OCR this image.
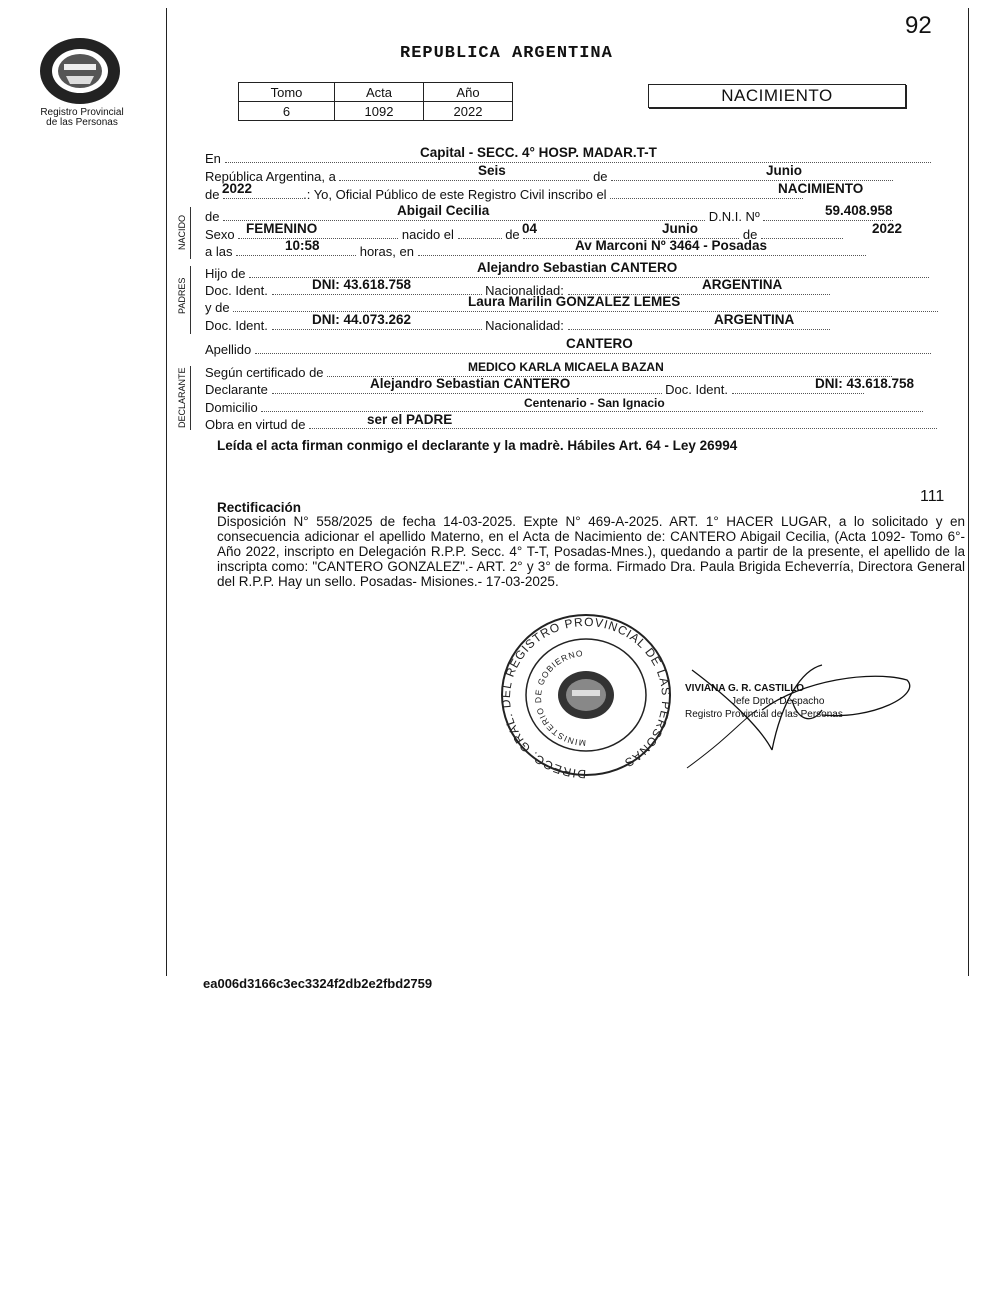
92
REPUBLICA ARGENTINA
Registro Provincial
de las Personas
Tomo	Acta	Año
6	1092	2022
NACIMIENTO
En	Capital - SECC. 4° HOSP. MADAR.T-T
República Argentina, a	de
Seis	Junio
de	.: Yo, Oficial Público de este Registro Civil inscribo el
2022	NACIMIENTO
NACIDO de	D.N.I. Nº
Abigail Cecilia	59.408.958
Sexo	nacido el	de	de
FEMENINO	04	Junio	2022
a las	horas, en
10:58	Av Marconi Nº 3464 - Posadas
PADRES
Hijo de	Alejandro Sebastian CANTERO
Doc. Ident.	Nacionalidad:
DNI: 43.618.758	ARGENTINA
y de	Laura Marilin GONZALEZ LEMES
Doc. Ident.	Nacionalidad:
DNI: 44.073.262	ARGENTINA
Apellido	CANTERO
DECLARANTE Según certificado de	MEDICO KARLA MICAELA BAZAN
Declarante	Doc. Ident.
Alejandro Sebastian CANTERO	DNI: 43.618.758
Domicilio	Centenario - San Ignacio
Obra en virtud de	ser el PADRE
Leída el acta firman conmigo el declarante y la madrè. Hábiles Art. 64 - Ley 26994
111
Rectificación
Disposición N° 558/2025 de fecha 14-03-2025. Expte N° 469-A-2025. ART. 1° HACER LUGAR, a lo solicitado y en consecuencia adicionar el apellido Materno, en el Acta de Nacimiento de: CANTERO Abigail Cecilia, (Acta 1092- Tomo 6°- Año 2022, inscripto en Delegación R.P.P. Secc. 4° T-T, Posadas-Mnes.), quedando a partir de la presente, el apellido de la inscripta como: "CANTERO GONZALEZ".- ART. 2° y 3° de forma. Firmado Dra. Paula Brigida Echeverría, Directora General del R.P.P. Hay un sello. Posadas- Misiones.- 17-03-2025.
DIRECC. GRAL. DEL REGISTRO PROVINCIAL DE LAS PERSONAS
MINISTERIO DE GOBIERNO
VIVIANA G. R. CASTILLO
Jefe Dpto. Despacho
Registro Provincial de las Personas
ea006d3166c3ec3324f2db2e2fbd2759
